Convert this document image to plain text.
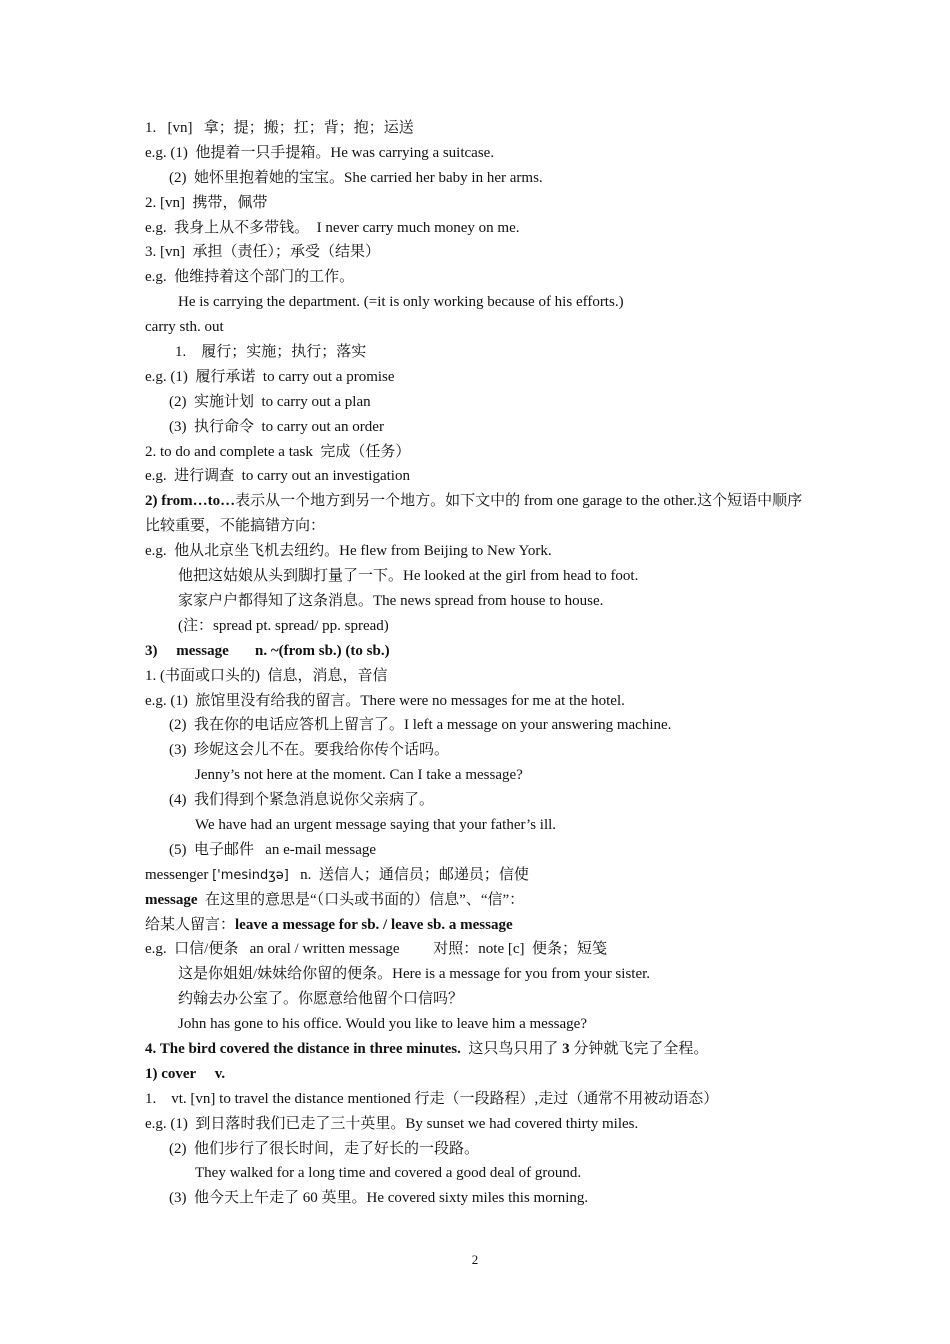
1.   [vn]   拿；提；搬；扛；背；抱；运送
e.g. (1)  他提着一只手提箱。He was carrying a suitcase.
(2)  她怀里抱着她的宝宝。She carried her baby in her arms.
2. [vn]  携带，佩带
e.g.  我身上从不多带钱。  I never carry much money on me.
3. [vn]  承担（责任）；承受（结果）
e.g.  他维持着这个部门的工作。
He is carrying the department. (=it is only working because of his efforts.)
carry sth. out
1.    履行；实施；执行；落实
e.g. (1)  履行承诺  to carry out a promise
(2)  实施计划  to carry out a plan
(3)  执行命令  to carry out an order
2. to do and complete a task  完成（任务）
e.g.  进行调查  to carry out an investigation
2) from…to…表示从一个地方到另一个地方。如下文中的 from one garage to the other.这个短语中顺序比较重要，不能搞错方向：
e.g.  他从北京坐飞机去纽约。He flew from Beijing to New York.
他把这姑娘从头到脚打量了一下。He looked at the girl from head to foot.
家家户户都得知了这条消息。The news spread from house to house.
(注：spread pt. spread/ pp. spread)
3)     message       n. ~(from sb.) (to sb.)
1. (书面或口头的)  信息，消息，音信
e.g. (1)  旅馆里没有给我的留言。There were no messages for me at the hotel.
(2)  我在你的电话应答机上留言了。I left a message on your answering machine.
(3)  珍妮这会儿不在。要我给你传个话吗。
Jenny’s not here at the moment. Can I take a message?
(4)  我们得到个紧急消息说你父亲病了。
We have had an urgent message saying that your father’s ill.
(5)  电子邮件   an e-mail message
messenger ['mesindʒə] n.  送信人；通信员；邮递员；信使
message 在这里的意思是“（口头或书面的）信息”、“信”：
给某人留言：leave a message for sb. / leave sb. a message
e.g.  口信/便条   an oral / written message         对照：note [c]  便条；短笺
这是你姐姐/妹妹给你留的便条。Here is a message for you from your sister.
约翰去办公室了。你愿意给他留个口信吗？
John has gone to his office. Would you like to leave him a message?
4. The bird covered the distance in three minutes. 这只鸟只用了 3 分钟就飞完了全程。
1) cover     v.
1.    vt. [vn] to travel the distance mentioned 行走（一段路程）,走过（通常不用被动语态）
e.g. (1)  到日落时我们已走了三十英里。By sunset we had covered thirty miles.
(2)  他们步行了很长时间，走了好长的一段路。
They walked for a long time and covered a good deal of ground.
(3)  他今天上午走了 60 英里。He covered sixty miles this morning.
2
